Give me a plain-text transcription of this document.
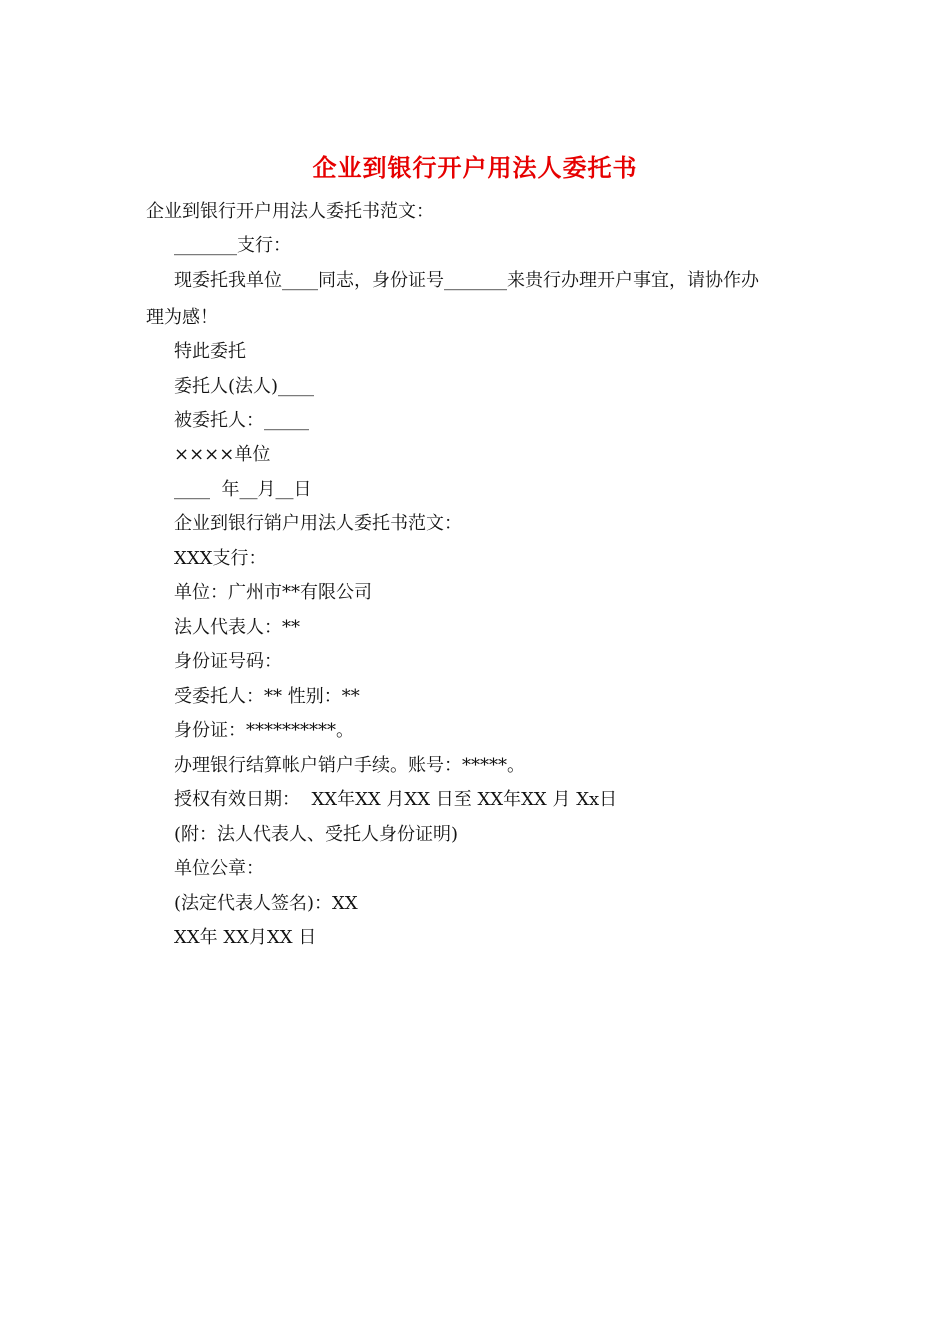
企业到银行开户用法人委托书
企业到银行开户用法人委托书范文：
_______支行：
现委托我单位____同志，身份证号_______来贵行办理开户事宜，请协作办
理为感！
特此委托
委托人(法人)____
被委托人：_____
××××单位
____  年__月__日
企业到银行销户用法人委托书范文：
XXX支行：
单位：广州市**有限公司
法人代表人：**
身份证号码：
受委托人：** 性别：**
身份证：**********。
办理银行结算帐户销户手续。账号：*****。
授权有效日期：  XX年XX 月XX 日至 XX年XX 月 Xx日
(附：法人代表人、受托人身份证明)
单位公章：
(法定代表人签名)：XX
XX年 XX月XX 日
